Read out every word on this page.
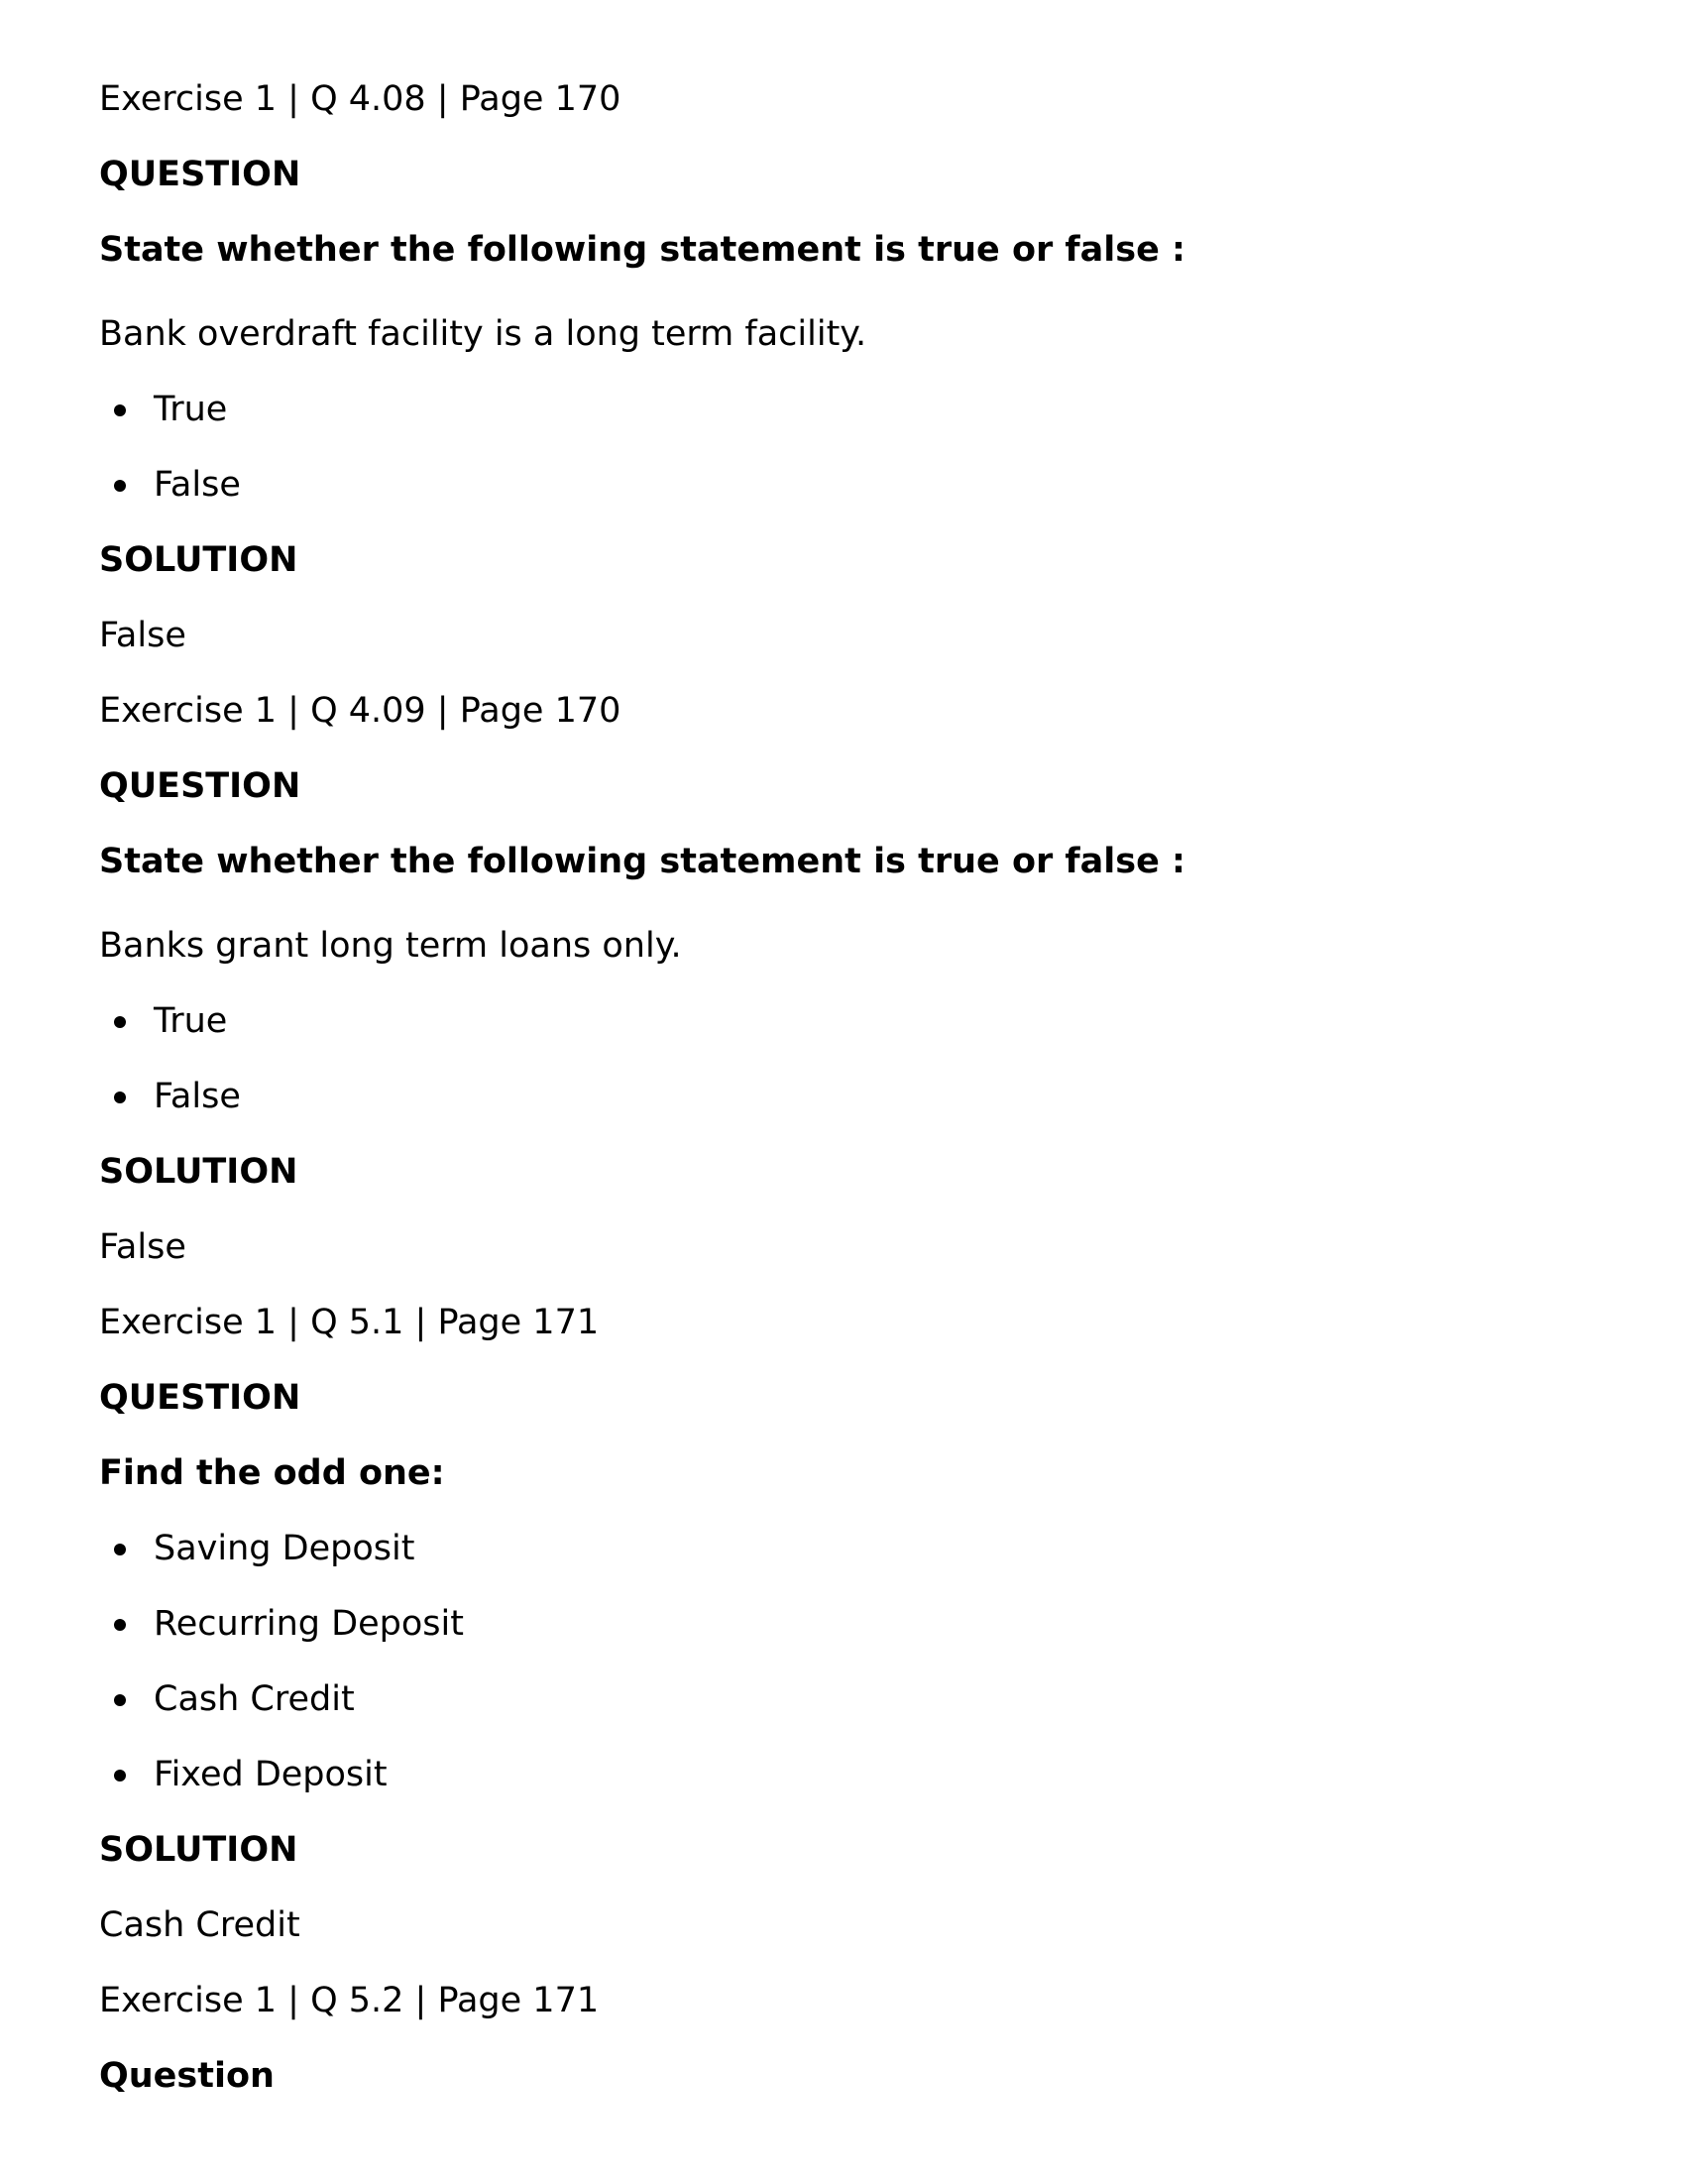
Exercise 1 | Q 4.08 | Page 170
QUESTION
State whether the following statement is true or false :
Bank overdraft facility is a long term facility.
True
False
SOLUTION
False
Exercise 1 | Q 4.09 | Page 170
QUESTION
State whether the following statement is true or false :
Banks grant long term loans only.
True
False
SOLUTION
False
Exercise 1 | Q 5.1 | Page 171
QUESTION
Find the odd one:
Saving Deposit
Recurring Deposit
Cash Credit
Fixed Deposit
SOLUTION
Cash Credit
Exercise 1 | Q 5.2 | Page 171
Question
